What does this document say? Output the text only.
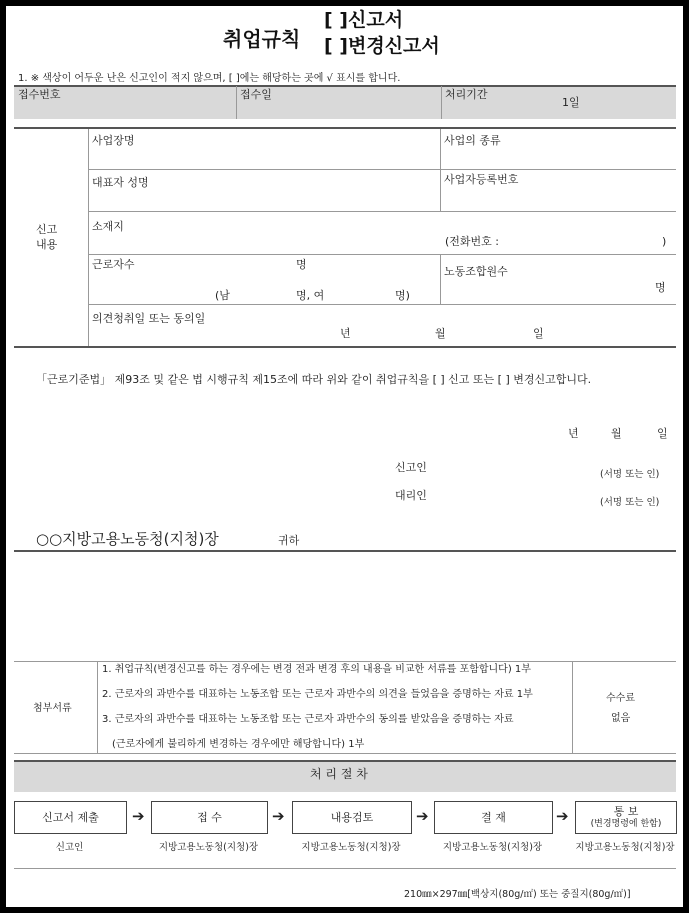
취업규칙
[ ]신고서
[ ]변경신고서
1. ※ 색상이 어두운 난은 신고인이 적지 않으며, [ ]에는 해당하는 곳에 √ 표시를 합니다.
접수번호	접수일	처리기간
1일
신고
내용
사업장명	사업의 종류
대표자 성명	사업자등록번호
소재지
(전화번호 :	)
근로자수	명
(남	명, 여	명)
노동조합원수
명
의견청취일 또는 동의일
년	월	일
「근로기준법」 제93조 및 같은 법 시행규칙 제15조에 따라 위와 같이 취업규칙을 [ ] 신고 또는 [ ] 변경신고합니다.
년	월	일
신고인
(서명 또는 인)
대리인
(서명 또는 인)
○○지방고용노동청(지청)장	귀하
첨부서류
1. 취업규칙(변경신고를 하는 경우에는 변경 전과 변경 후의 내용을 비교한 서류를 포함합니다) 1부
2. 근로자의 과반수를 대표하는 노동조합 또는 근로자 과반수의 의견을 들었음을 증명하는 자료 1부
3. 근로자의 과반수를 대표하는 노동조합 또는 근로자 과반수의 동의를 받았음을 증명하는 자료
(근로자에게 불리하게 변경하는 경우에만 해당합니다) 1부
수수료
없음
처 리 절 차
신고서 제출 ➔	접 수	➔	내용검토	➔	결 재	➔	통 보
(변경명령에 한함)
신고인	지방고용노동청(지청)장	지방고용노동청(지청)장	지방고용노동청(지청)장	지방고용노동청(지청)장
210㎜×297㎜[백상지(80g/㎡) 또는 중질지(80g/㎡)]
